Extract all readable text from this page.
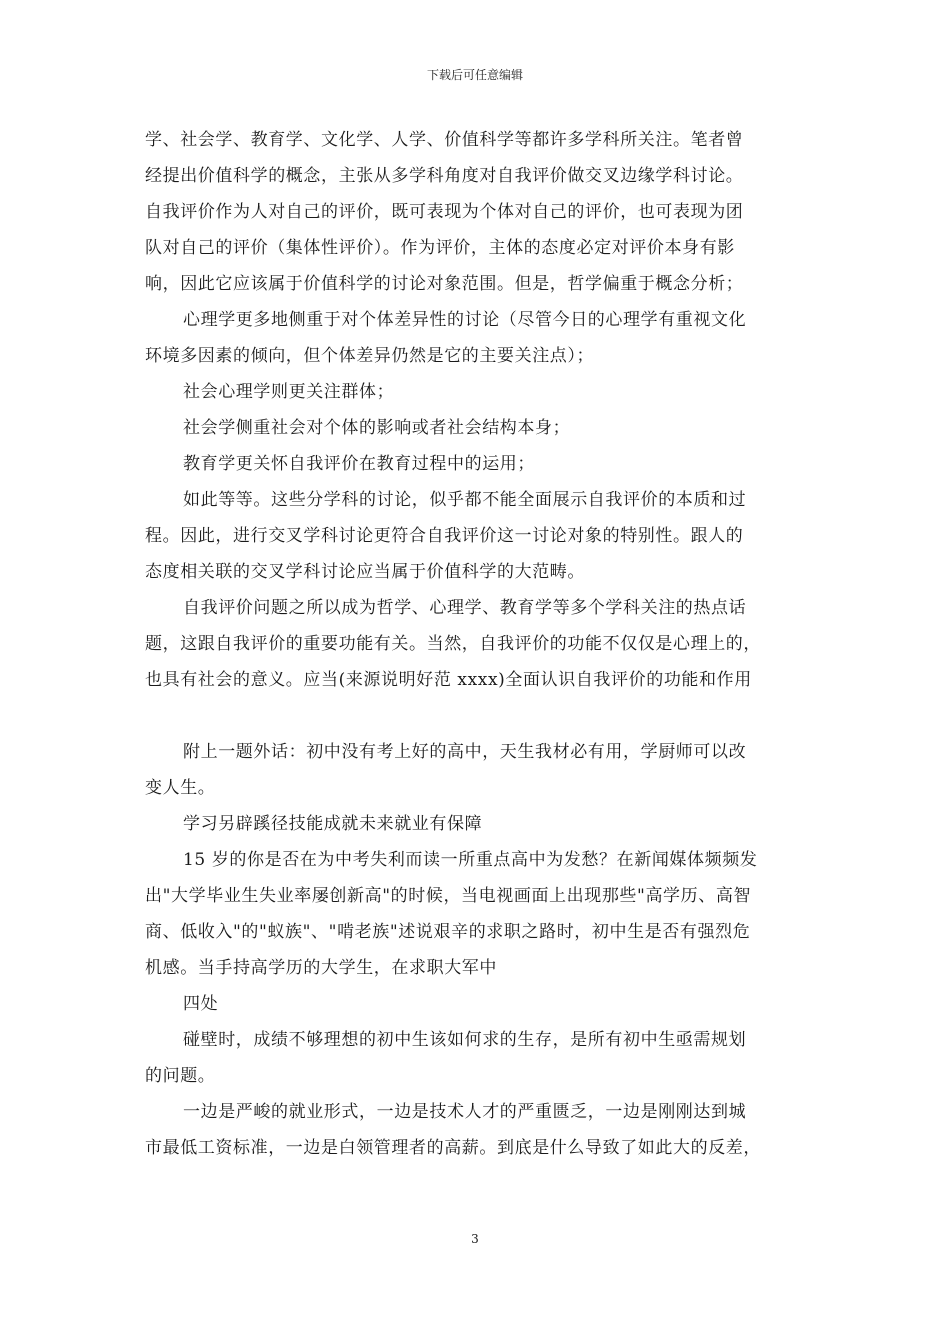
下载后可任意编辑
学、社会学、教育学、文化学、人学、价值科学等都许多学科所关注。笔者曾
经提出价值科学的概念，主张从多学科角度对自我评价做交叉边缘学科讨论。
自我评价作为人对自己的评价，既可表现为个体对自己的评价，也可表现为团
队对自己的评价（集体性评价）。作为评价，主体的态度必定对评价本身有影
响，因此它应该属于价值科学的讨论对象范围。但是，哲学偏重于概念分析；
心理学更多地侧重于对个体差异性的讨论（尽管今日的心理学有重视文化
环境多因素的倾向，但个体差异仍然是它的主要关注点）；
社会心理学则更关注群体；
社会学侧重社会对个体的影响或者社会结构本身；
教育学更关怀自我评价在教育过程中的运用；
如此等等。这些分学科的讨论，似乎都不能全面展示自我评价的本质和过
程。因此，进行交叉学科讨论更符合自我评价这一讨论对象的特别性。跟人的
态度相关联的交叉学科讨论应当属于价值科学的大范畴。
自我评价问题之所以成为哲学、心理学、教育学等多个学科关注的热点话
题，这跟自我评价的重要功能有关。当然，自我评价的功能不仅仅是心理上的，
也具有社会的意义。应当(来源说明好范 xxxx)全面认识自我评价的功能和作用
附上一题外话：初中没有考上好的高中，天生我材必有用，学厨师可以改
变人生。
学习另辟蹊径技能成就未来就业有保障
15 岁的你是否在为中考失利而读一所重点高中为发愁？在新闻媒体频频发
出"大学毕业生失业率屡创新高"的时候，当电视画面上出现那些"高学历、高智
商、低收入"的"蚁族"、"啃老族"述说艰辛的求职之路时，初中生是否有强烈危
机感。当手持高学历的大学生，在求职大军中
四处
碰壁时，成绩不够理想的初中生该如何求的生存，是所有初中生亟需规划
的问题。
一边是严峻的就业形式，一边是技术人才的严重匮乏，一边是刚刚达到城
市最低工资标准，一边是白领管理者的高薪。到底是什么导致了如此大的反差，
3
